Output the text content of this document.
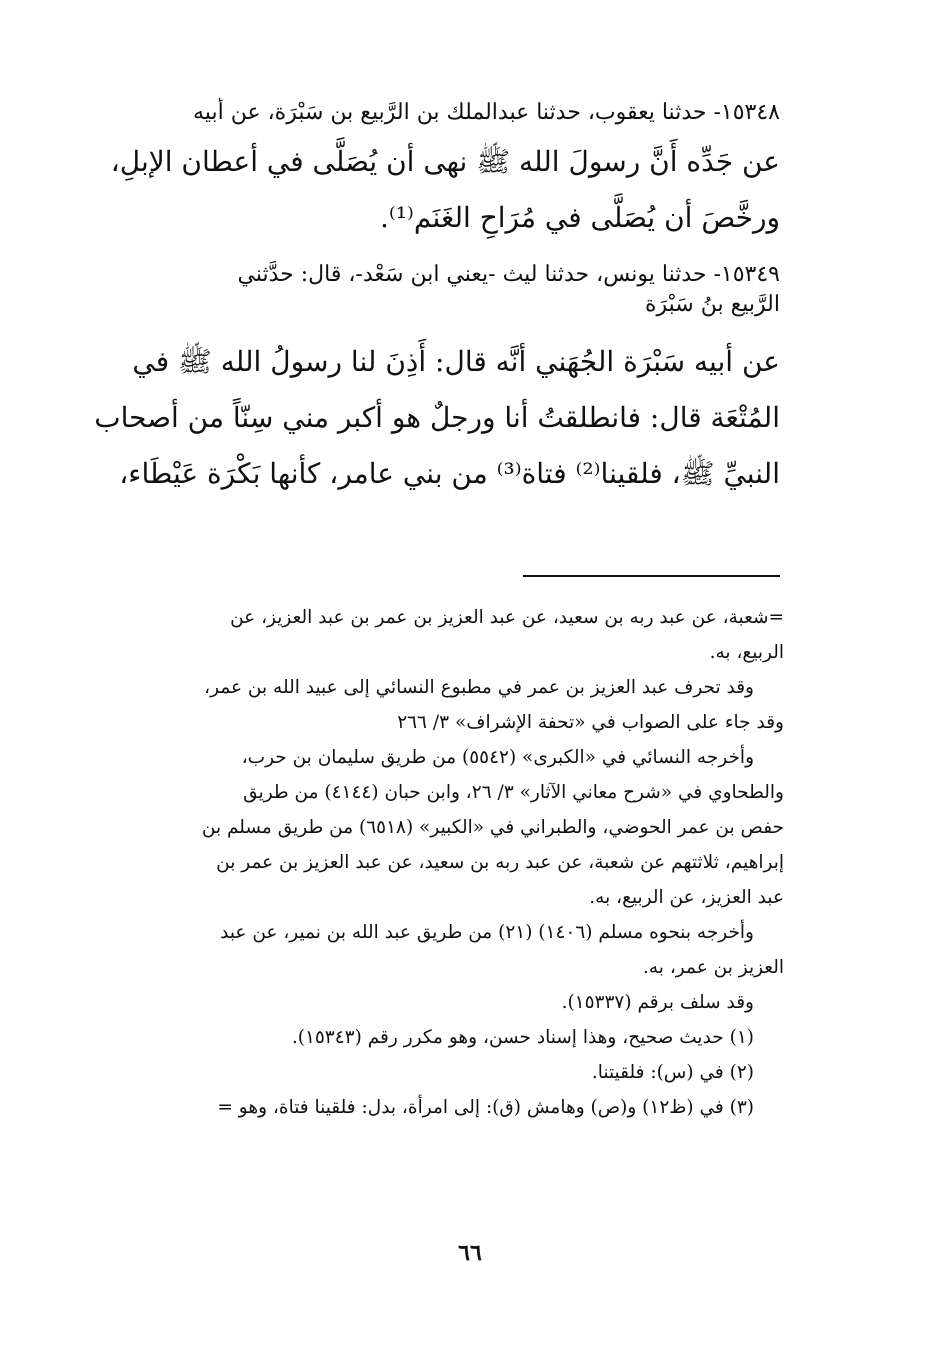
١٥٣٤٨- حدثنا يعقوب، حدثنا عبدالملك بن الرَّبيع بن سَبْرَة، عن أبيه
عن جَدِّه أَنَّ رسولَ الله ﷺ نهى أن يُصَلَّى في أعطان الإبلِ،
ورخَّصَ أن يُصَلَّى في مُرَاحِ الغَنَم⁽¹⁾.
١٥٣٤٩- حدثنا يونس، حدثنا ليث -يعني ابن سَعْد-، قال: حدَّثني
الرَّبيع بنُ سَبْرَة
عن أبيه سَبْرَة الجُهَني أنَّه قال: أَذِنَ لنا رسولُ الله ﷺ في
المُتْعَة قال: فانطلقتُ أنا ورجلٌ هو أكبر مني سِنّاً من أصحاب
النبيِّ ﷺ، فلقينا⁽²⁾ فتاة⁽³⁾ من بني عامر، كأنها بَكْرَة عَيْطَاء،
=شعبة، عن عبد ربه بن سعيد، عن عبد العزيز بن عمر بن عبد العزيز، عن
الربيع، به.
وقد تحرف عبد العزيز بن عمر في مطبوع النسائي إلى عبيد الله بن عمر،
وقد جاء على الصواب في «تحفة الإشراف» ٣/ ٢٦٦
وأخرجه النسائي في «الكبرى» (٥٥٤٢) من طريق سليمان بن حرب،
والطحاوي في «شرح معاني الآثار» ٣/ ٢٦، وابن حبان (٤١٤٤) من طريق
حفص بن عمر الحوضي، والطبراني في «الكبير» (٦٥١٨) من طريق مسلم بن
إبراهيم، ثلاثتهم عن شعبة، عن عبد ربه بن سعيد، عن عبد العزيز بن عمر بن
عبد العزيز، عن الربيع، به.
وأخرجه بنحوه مسلم (١٤٠٦) (٢١) من طريق عبد الله بن نمير، عن عبد
العزيز بن عمر، به.
وقد سلف برقم (١٥٣٣٧).
(١) حديث صحيح، وهذا إسناد حسن، وهو مكرر رقم (١٥٣٤٣).
(٢) في (س): فلقيتنا.
(٣) في (ظ١٢) و(ص) وهامش (ق): إلى امرأة، بدل: فلقينا فتاة، وهو =
٦٦
